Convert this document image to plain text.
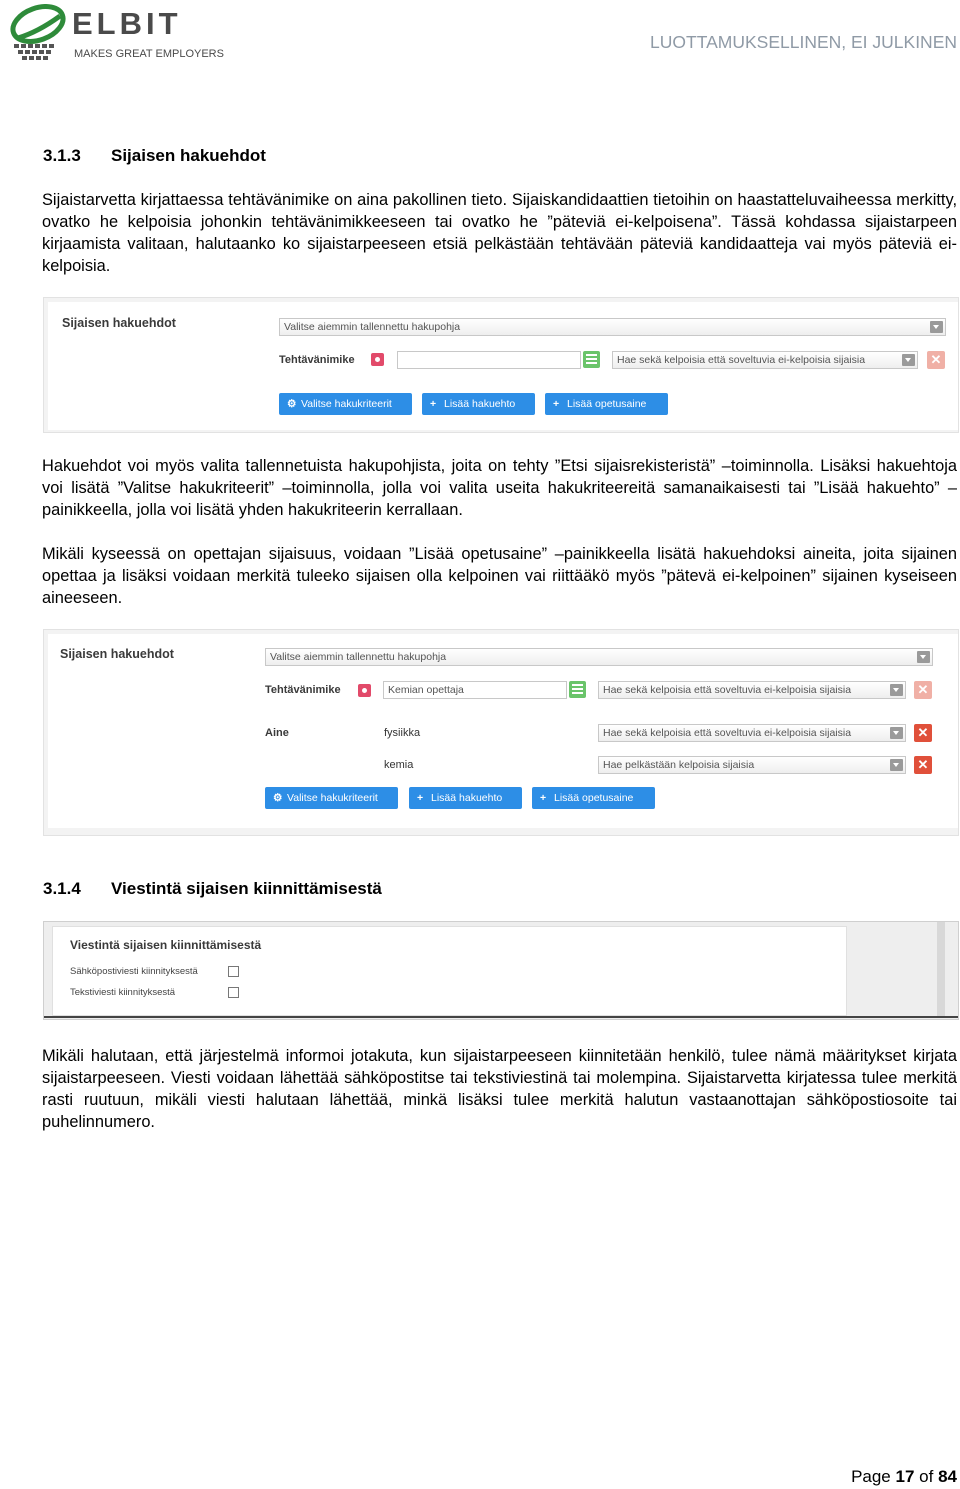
ELBIT
MAKES GREAT EMPLOYERS
LUOTTAMUKSELLINEN, EI JULKINEN
3.1.3 Sijaisen hakuehdot

Sijaistarvetta kirjattaessa tehtävänimike on aina pakollinen tieto. Sijaiskandidaattien tietoihin on haastatteluvaiheessa merkitty, ovatko he kelpoisia johonkin tehtävänimikkeeseen tai ovatko he ”päteviä ei-kelpoisena”. Tässä kohdassa sijaistarpeen kirjaamista valitaan, halutaanko ko sijaistarpeeseen etsiä pelkästään tehtävään päteviä kandidaatteja vai myös päteviä ei-kelpoisia.

Sijaisen hakuehdot	Valitse aiemmin tallennettu hakupohja
Tehtävänimike	Hae sekä kelpoisia että soveltuvia ei-kelpoisia sijaisia	✕
⚙ Valitse hakukriteerit	+ Lisää hakuehto	+ Lisää opetusaine

Hakuehdot voi myös valita tallennetuista hakupohjista, joita on tehty ”Etsi sijaisrekisteristä” –toiminnolla. Lisäksi hakuehtoja voi lisätä ”Valitse hakukriteerit” –toiminnolla, jolla voi valita useita hakukriteereitä samanaikaisesti tai ”Lisää hakuehto” –painikkeella, jolla voi lisätä yhden hakukriteerin kerrallaan.

Mikäli kyseessä on opettajan sijaisuus, voidaan ”Lisää opetusaine” –painikkeella lisätä hakuehdoksi aineita, joita sijainen opettaa ja lisäksi voidaan merkitä tuleeko sijaisen olla kelpoinen vai riittääkö myös ”pätevä ei-kelpoinen” sijainen kyseiseen aineeseen.

Sijaisen hakuehdot	Valitse aiemmin tallennettu hakupohja
Tehtävänimike	Kemian opettaja	Hae sekä kelpoisia että soveltuvia ei-kelpoisia sijaisia	✕
Aine	fysiikka	Hae sekä kelpoisia että soveltuvia ei-kelpoisia sijaisia	✕
kemia	Hae pelkästään kelpoisia sijaisia	✕
⚙ Valitse hakukriteerit	+ Lisää hakuehto	+ Lisää opetusaine
3.1.4 Viestintä sijaisen kiinnittämisestä
Viestintä sijaisen kiinnittämisestä
Sähköpostiviesti kiinnityksestä
Tekstiviesti kiinnityksestä

Mikäli halutaan, että järjestelmä informoi jotakuta, kun sijaistarpeeseen kiinnitetään henkilö, tulee nämä määritykset kirjata sijaistarpeeseen. Viesti voidaan lähettää sähköpostitse tai tekstiviestinä tai molempina. Sijaistarvetta kirjatessa tulee merkitä rasti ruutuun, mikäli viesti halutaan lähettää, minkä lisäksi tulee merkitä halutun vastaanottajan sähköpostiosoite tai puhelinnumero.

Page 17 of 84
